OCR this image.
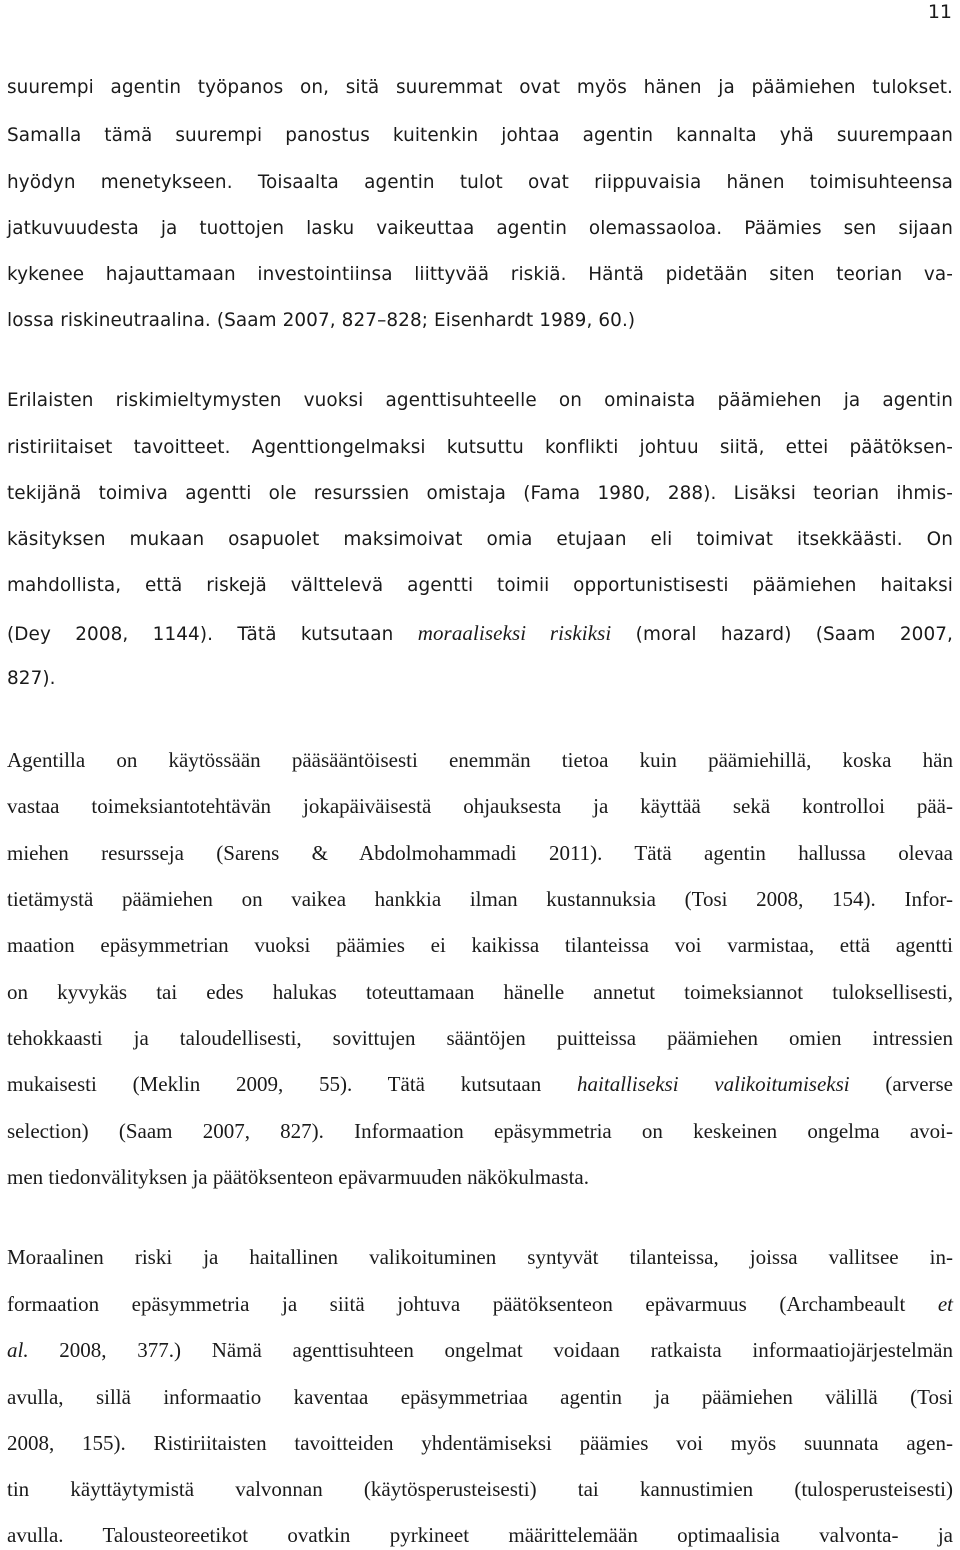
11
suurempi agentin työpanos on, sitä suuremmat ovat myös hänen ja päämiehen tulokset.
Samalla tämä suurempi panostus kuitenkin johtaa agentin kannalta yhä suurempaan
hyödyn menetykseen. Toisaalta agentin tulot ovat riippuvaisia hänen toimisuhteensa
jatkuvuudesta ja tuottojen lasku vaikeuttaa agentin olemassaoloa. Päämies sen sijaan
kykenee hajauttamaan investointiinsa liittyvää riskiä. Häntä pidetään siten teorian va-
lossa riskineutraalina. (Saam 2007, 827–828; Eisenhardt 1989, 60.)
Erilaisten riskimieltymysten vuoksi agenttisuhteelle on ominaista päämiehen ja agentin
ristiriitaiset tavoitteet. Agenttiongelmaksi kutsuttu konflikti johtuu siitä, ettei päätöksen-
tekijänä toimiva agentti ole resurssien omistaja (Fama 1980, 288). Lisäksi teorian ihmis-
käsityksen mukaan osapuolet maksimoivat omia etujaan eli toimivat itsekkäästi. On
mahdollista, että riskejä välttelevä agentti toimii opportunistisesti päämiehen haitaksi
(Dey 2008, 1144). Tätä kutsutaan moraaliseksi riskiksi (moral hazard) (Saam 2007,
827).
Agentilla on käytössään pääsääntöisesti enemmän tietoa kuin päämiehillä, koska hän
vastaa toimeksiantotehtävän jokapäiväisestä ohjauksesta ja käyttää sekä kontrolloi pää-
miehen resursseja (Sarens & Abdolmohammadi 2011). Tätä agentin hallussa olevaa
tietämystä päämiehen on vaikea hankkia ilman kustannuksia (Tosi 2008, 154). Infor-
maation epäsymmetrian vuoksi päämies ei kaikissa tilanteissa voi varmistaa, että agentti
on kyvykäs tai edes halukas toteuttamaan hänelle annetut toimeksiannot tuloksellisesti,
tehokkaasti ja taloudellisesti, sovittujen sääntöjen puitteissa päämiehen omien intressien
mukaisesti (Meklin 2009, 55). Tätä kutsutaan haitalliseksi valikoitumiseksi (arverse
selection) (Saam 2007, 827). Informaation epäsymmetria on keskeinen ongelma avoi-
men tiedonvälityksen ja päätöksenteon epävarmuuden näkökulmasta.
Moraalinen riski ja haitallinen valikoituminen syntyvät tilanteissa, joissa vallitsee in-
formaation epäsymmetria ja siitä johtuva päätöksenteon epävarmuus (Archambeault et
al. 2008, 377.) Nämä agenttisuhteen ongelmat voidaan ratkaista informaatiojärjestelmän
avulla, sillä informaatio kaventaa epäsymmetriaa agentin ja päämiehen välillä (Tosi
2008, 155). Ristiriitaisten tavoitteiden yhdentämiseksi päämies voi myös suunnata agen-
tin käyttäytymistä valvonnan (käytösperusteisesti) tai kannustimien (tulosperusteisesti)
avulla. Talousteoreetikot ovatkin pyrkineet määrittelemään optimaalisia valvonta- ja
